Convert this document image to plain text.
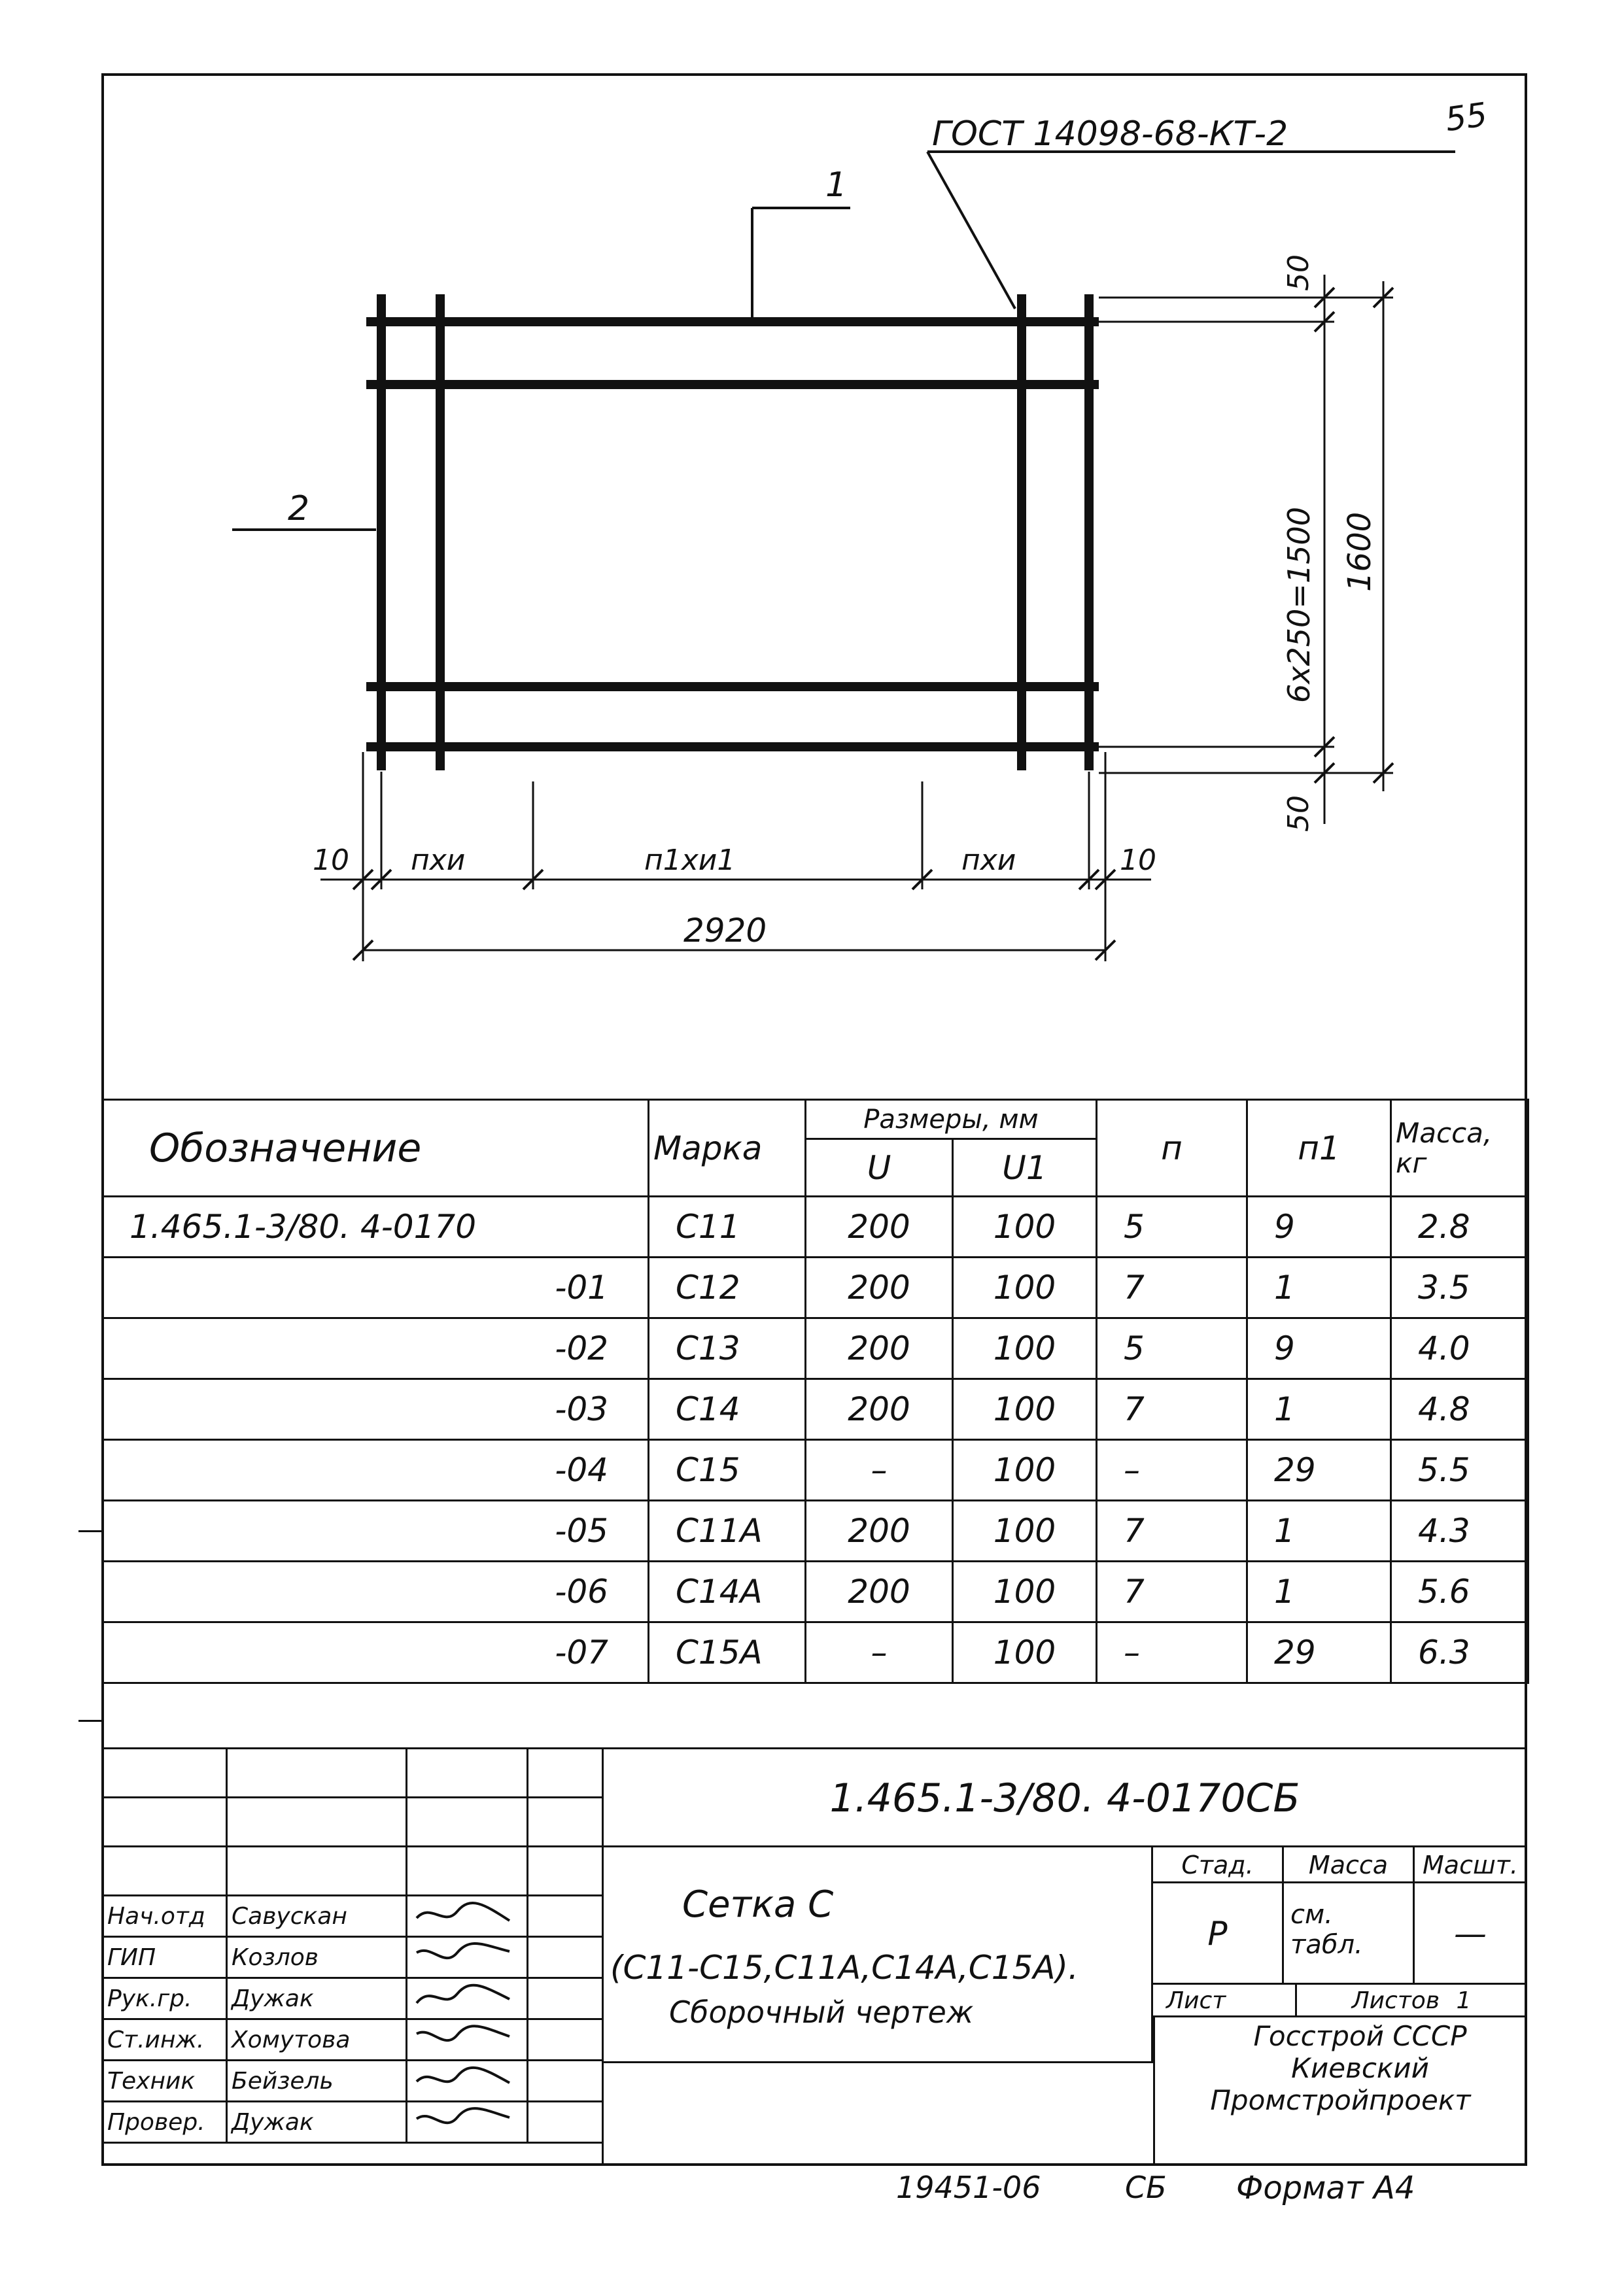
55
ГОСТ 14098-68-КТ-2
1
2
50
6х250=1500 1600
50
10 пхи	п1хи1	пхи	10
2920
Обозначение	Марка	Размеры, мм		п	п1	Масса, кг
		U	U1			
1.465.1-3/80. 4-0170	С11	200	100	5	9	2.8
-01	С12	200	100	7	1	3.5
-02	С13	200	100	5	9	4.0
-03	С14	200	100	7	1	4.8
-04	С15	–	100	–	29	5.5
-05	С11А	200	100	7	1	4.3
-06	С14А	200	100	7	1	5.6
-07	С15А	–	100	–	29	6.3

Нач.отд	Савускан		
ГИП	Козлов		
Рук.гр.	Дужак		
Ст.инж.	Хомутова		
Техник	Бейзель		
Провер.	Дужак		
1.465.1-3/80. 4-0170СБ
Сетка С
(С11-С15,С11А,С14А,С15А).
Сборочный чертеж
Стад.	Масса	Масшт.
Р	см. табл.	—
Лист	Листов 1
Госстрой СССР
Киевский
Промстройпроект
19451-06	СБ Формат А4
